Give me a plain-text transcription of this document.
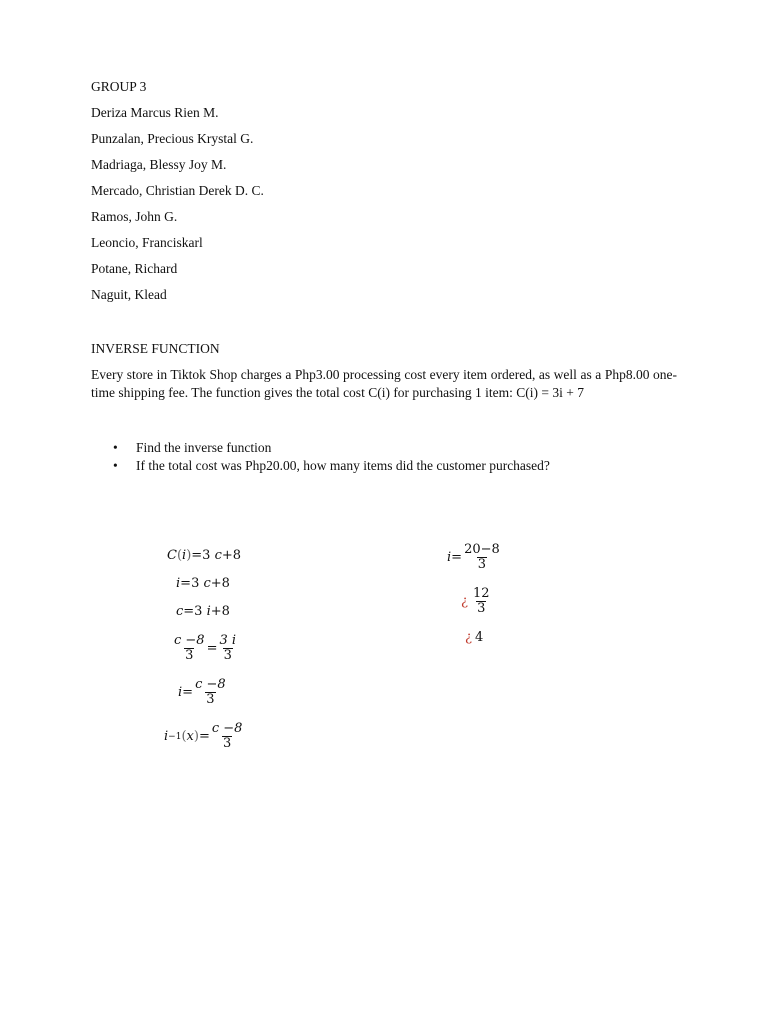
GROUP 3
Deriza Marcus Rien M.
Punzalan, Precious Krystal G.
Madriaga, Blessy Joy M.
Mercado, Christian Derek D. C.
Ramos, John G.
Leoncio, Franciskarl
Potane, Richard
Naguit, Klead
INVERSE FUNCTION
Every store in Tiktok Shop charges a Php3.00 processing cost every item ordered, as well as a Php8.00 one-time shipping fee. The function gives the total cost C(i) for purchasing 1 item: C(i) = 3i + 7
• Find the inverse function
• If the total cost was Php20.00, how many items did the customer purchased?
C ( i ) =3
c +8
i =3
c +8
c =3
i +8
$\frac{c -8}{3} = \frac{3 i}{3}$
$i = \frac{c -8}{3}$
i −1 ( x ) = $\frac{c -8}{3}$
$i = \frac{20-8}{3}$
¿ $\frac{12}{3}$
¿ 4
